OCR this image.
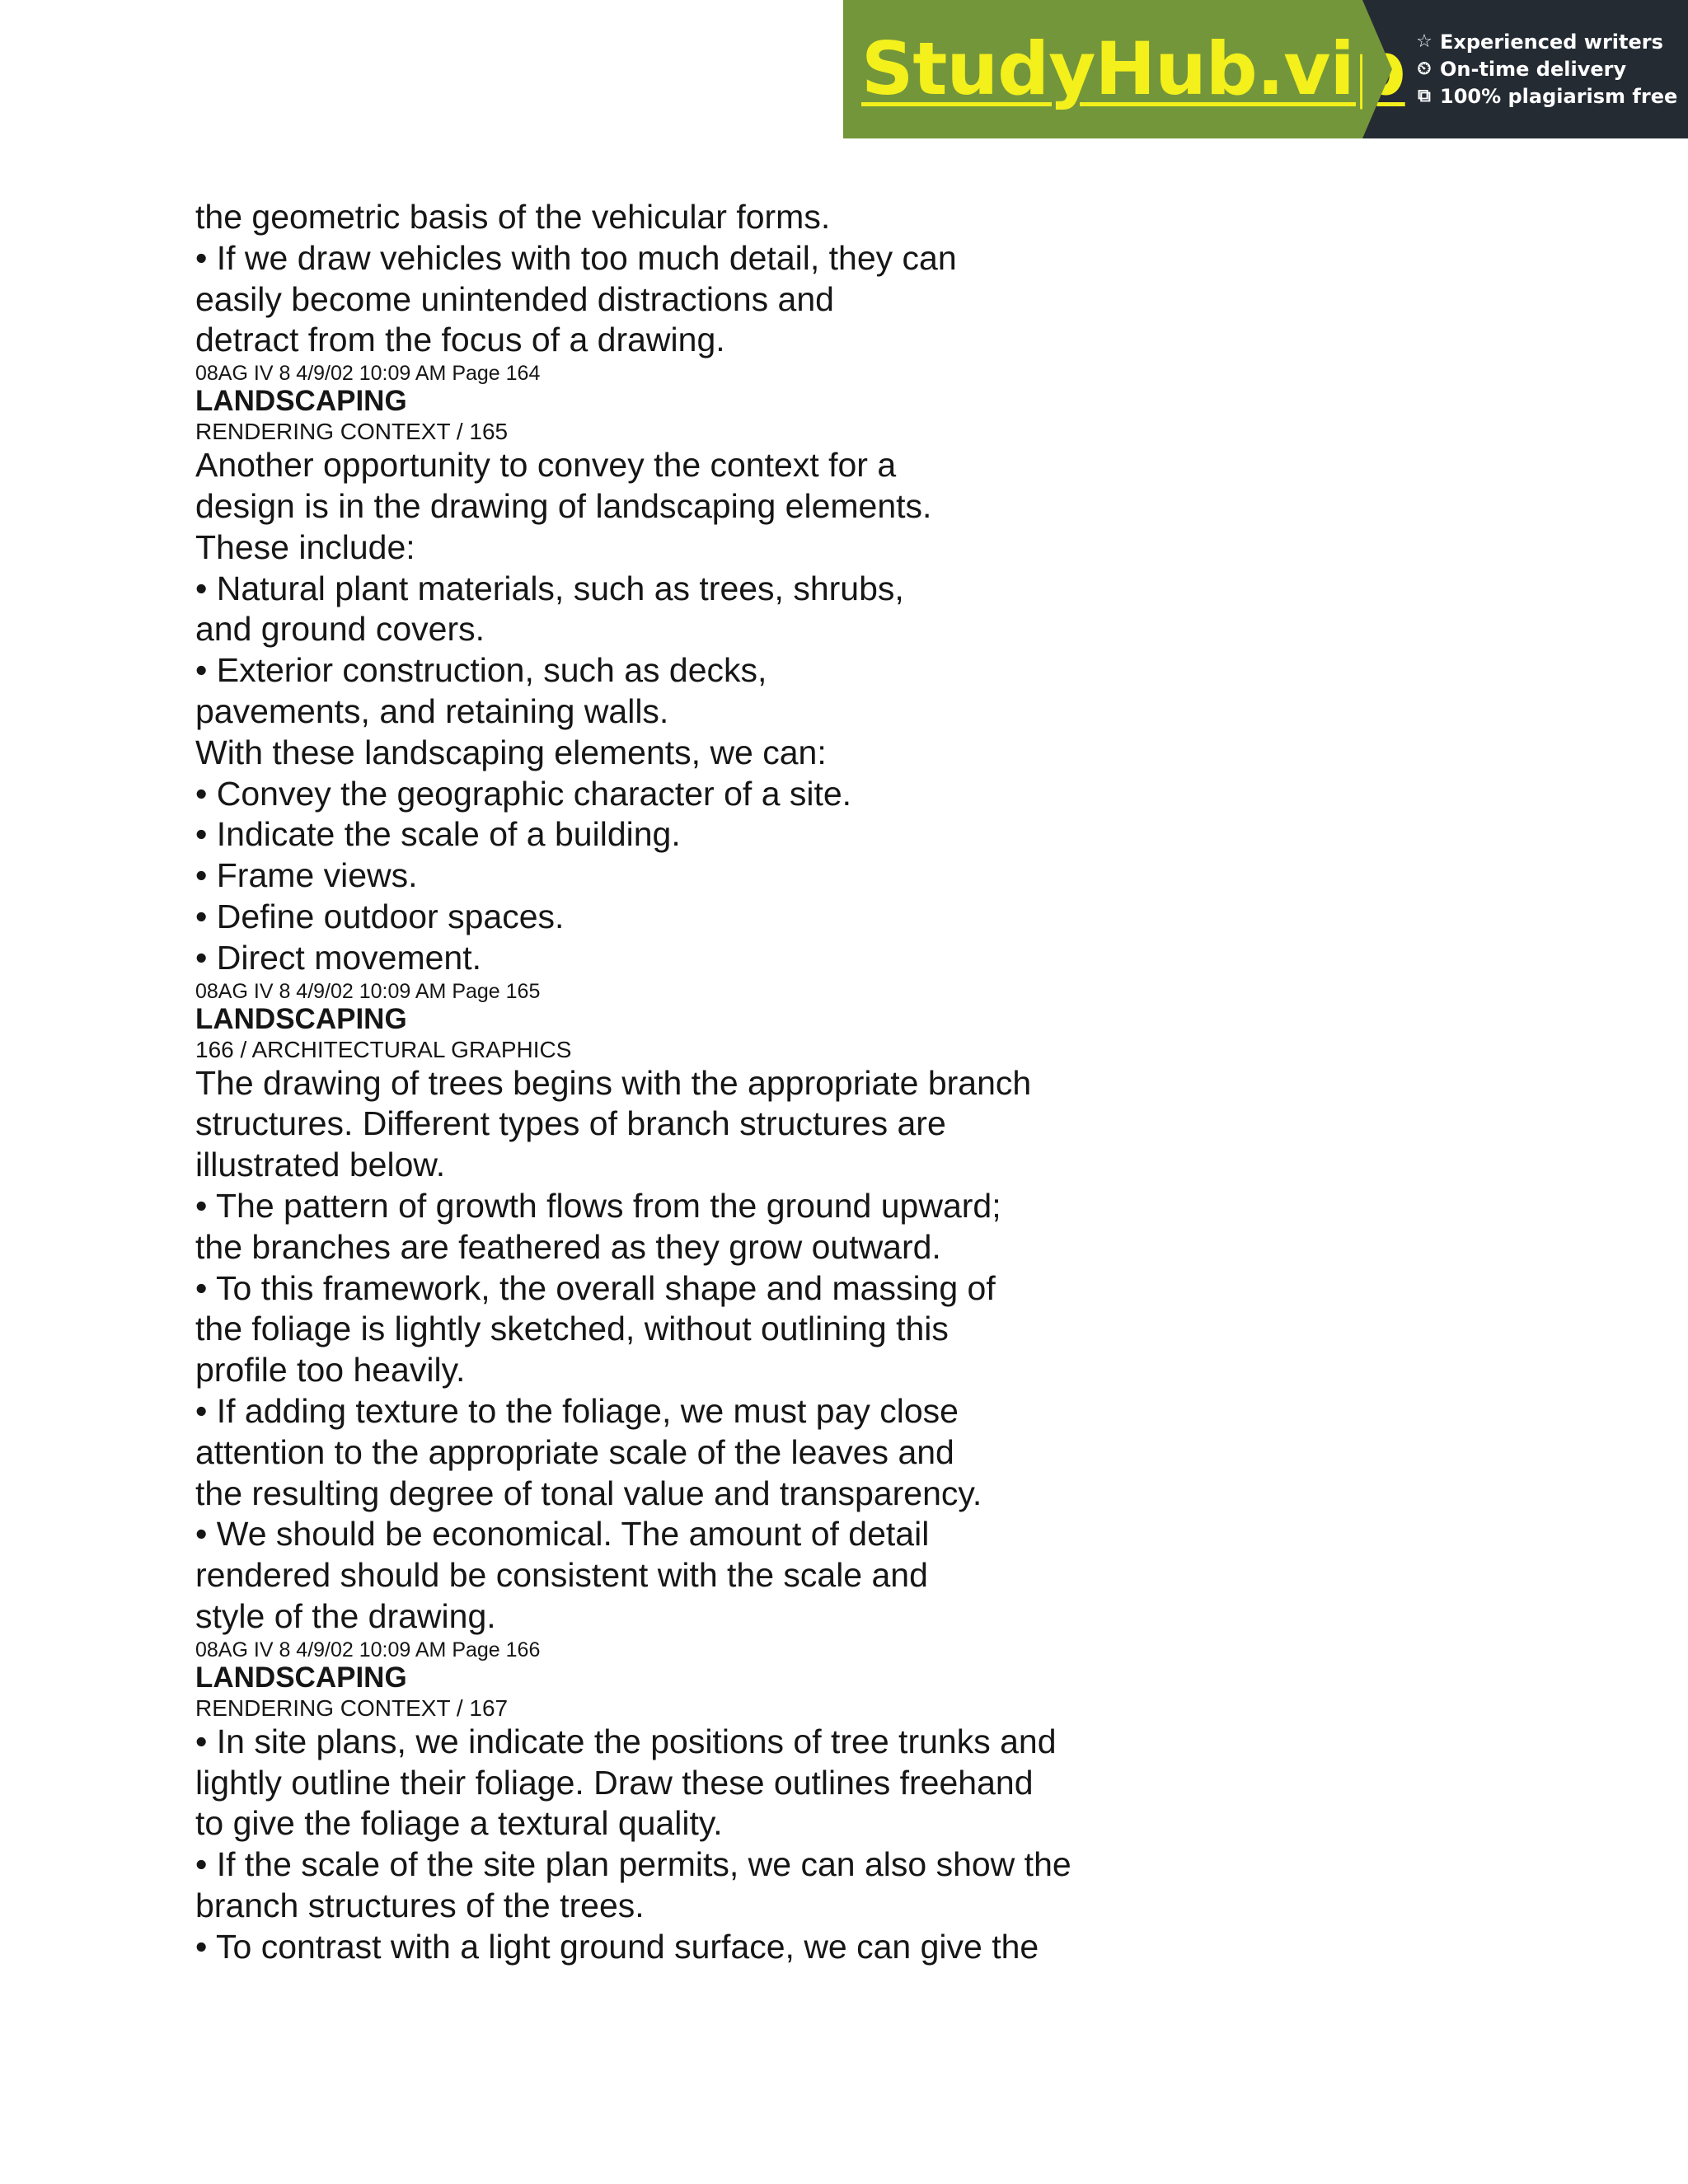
StudyHub.vip ☆ Experienced writers
⏲ On-time delivery
⧉ 100% plagiarism free
the geometric basis of the vehicular forms.
• If we draw vehicles with too much detail, they can
easily become unintended distractions and
detract from the focus of a drawing.
08AG IV 8 4/9/02 10:09 AM Page 164
LANDSCAPING
RENDERING CONTEXT / 165
Another opportunity to convey the context for a
design is in the drawing of landscaping elements.
These include:
• Natural plant materials, such as trees, shrubs,
and ground covers.
• Exterior construction, such as decks,
pavements, and retaining walls.
With these landscaping elements, we can:
• Convey the geographic character of a site.
• Indicate the scale of a building.
• Frame views.
• Define outdoor spaces.
• Direct movement.
08AG IV 8 4/9/02 10:09 AM Page 165
LANDSCAPING
166 / ARCHITECTURAL GRAPHICS
The drawing of trees begins with the appropriate branch
structures. Different types of branch structures are
illustrated below.
• The pattern of growth flows from the ground upward;
the branches are feathered as they grow outward.
• To this framework, the overall shape and massing of
the foliage is lightly sketched, without outlining this
profile too heavily.
• If adding texture to the foliage, we must pay close
attention to the appropriate scale of the leaves and
the resulting degree of tonal value and transparency.
• We should be economical. The amount of detail
rendered should be consistent with the scale and
style of the drawing.
08AG IV 8 4/9/02 10:09 AM Page 166
LANDSCAPING
RENDERING CONTEXT / 167
• In site plans, we indicate the positions of tree trunks and
lightly outline their foliage. Draw these outlines freehand
to give the foliage a textural quality.
• If the scale of the site plan permits, we can also show the
branch structures of the trees.
• To contrast with a light ground surface, we can give the
